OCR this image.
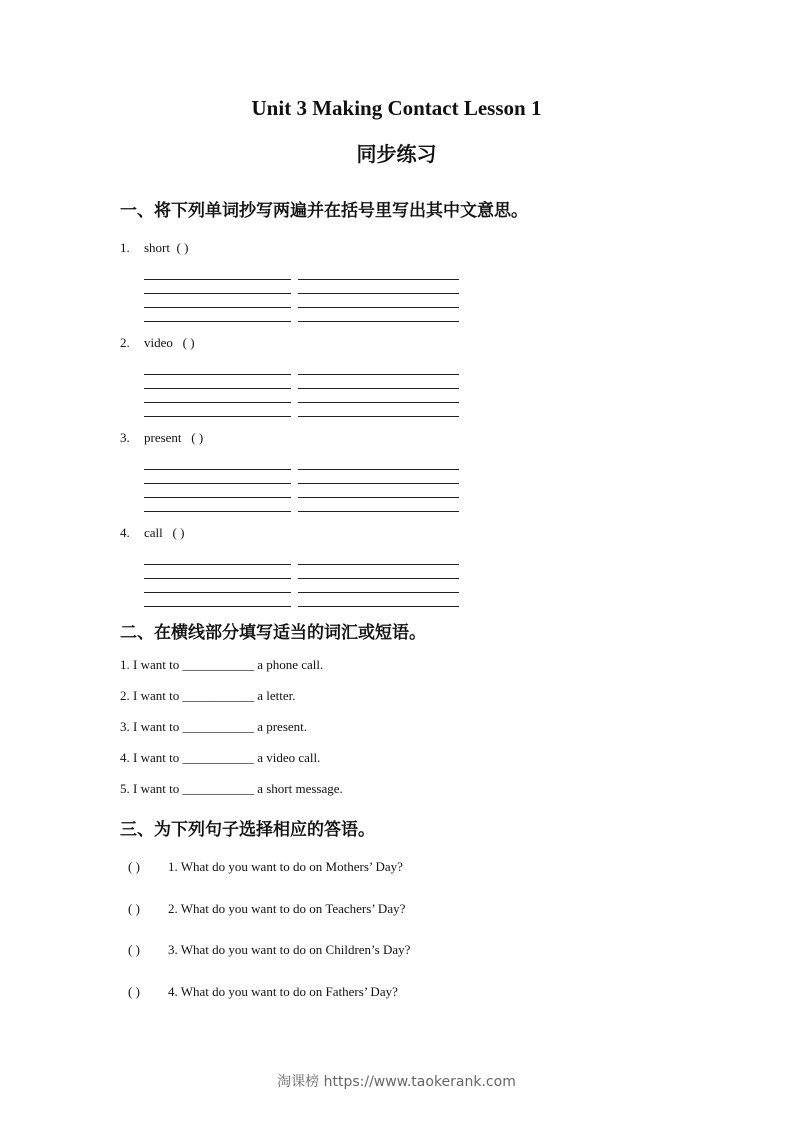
Unit 3 Making Contact Lesson 1
同步练习
一、将下列单词抄写两遍并在括号里写出其中文意思。
1. short ( )
2. video ( )
3. present ( )
4. call ( )
二、在横线部分填写适当的词汇或短语。
1. I want to ___________ a phone call.
2. I want to ___________ a letter.
3. I want to ___________ a present.
4. I want to ___________ a video call.
5. I want to ___________ a short message.
三、为下列句子选择相应的答语。
( ) 1. What do you want to do on Mothers’ Day?
( ) 2. What do you want to do on Teachers’ Day?
( ) 3. What do you want to do on Children’s Day?
( ) 4. What do you want to do on Fathers’ Day?
淘课榜 https://www.taokerank.com
